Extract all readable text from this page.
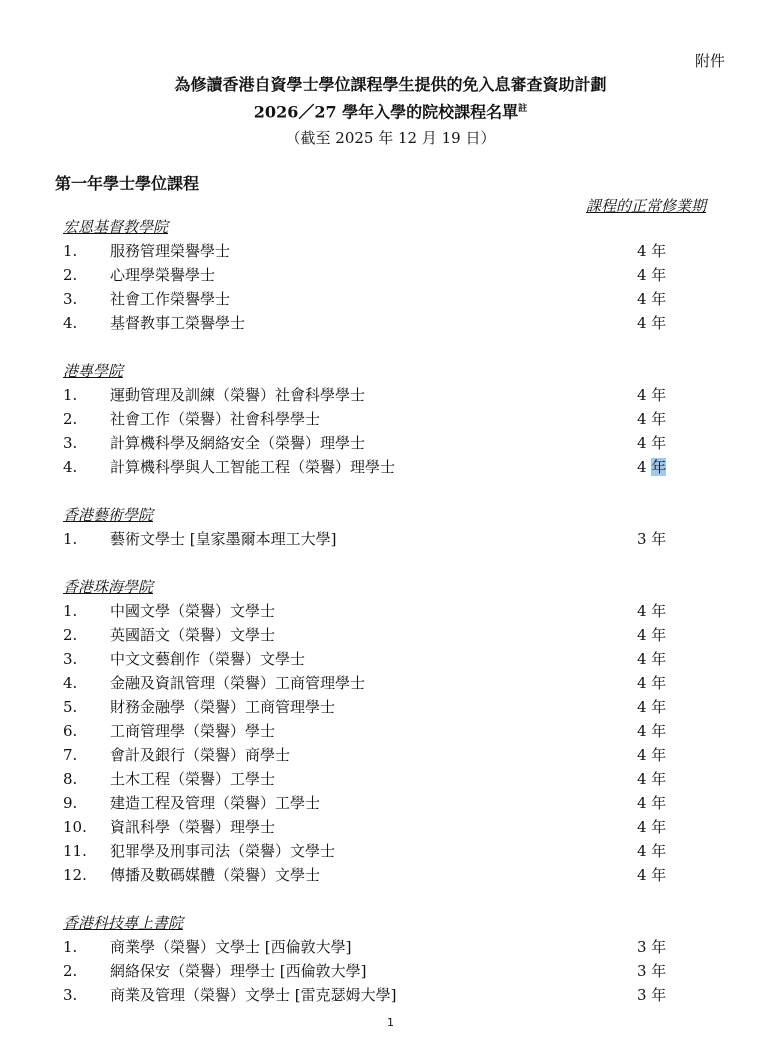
附件
為修讀香港自資學士學位課程學生提供的免入息審查資助計劃
2026／27 學年入學的院校課程名單$^註$
（截至 2025 年 12 月 19 日）
第一年學士學位課程
課程的正常修業期
宏恩基督教學院
1. 服務管理榮譽學士	4 年
2. 心理學榮譽學士	4 年
3. 社會工作榮譽學士	4 年
4. 基督教事工榮譽學士	4 年
港專學院
1. 運動管理及訓練（榮譽）社會科學學士	4 年
2. 社會工作（榮譽）社會科學學士	4 年
3. 計算機科學及網絡安全（榮譽）理學士	4 年
4. 計算機科學與人工智能工程（榮譽）理學士	4 年
香港藝術學院
1. 藝術文學士 [皇家墨爾本理工大學]	3 年
香港珠海學院
1. 中國文學（榮譽）文學士	4 年
2. 英國語文（榮譽）文學士	4 年
3. 中文文藝創作（榮譽）文學士	4 年
4. 金融及資訊管理（榮譽）工商管理學士	4 年
5. 財務金融學（榮譽）工商管理學士	4 年
6. 工商管理學（榮譽）學士	4 年
7. 會計及銀行（榮譽）商學士	4 年
8. 土木工程（榮譽）工學士	4 年
9. 建造工程及管理（榮譽）工學士	4 年
10. 資訊科學（榮譽）理學士	4 年
11. 犯罪學及刑事司法（榮譽）文學士	4 年
12. 傳播及數碼媒體（榮譽）文學士	4 年
香港科技專上書院
1. 商業學（榮譽）文學士 [西倫敦大學]	3 年
2. 網絡保安（榮譽）理學士 [西倫敦大學]	3 年
3. 商業及管理（榮譽）文學士 [雷克瑟姆大學]	3 年
1
